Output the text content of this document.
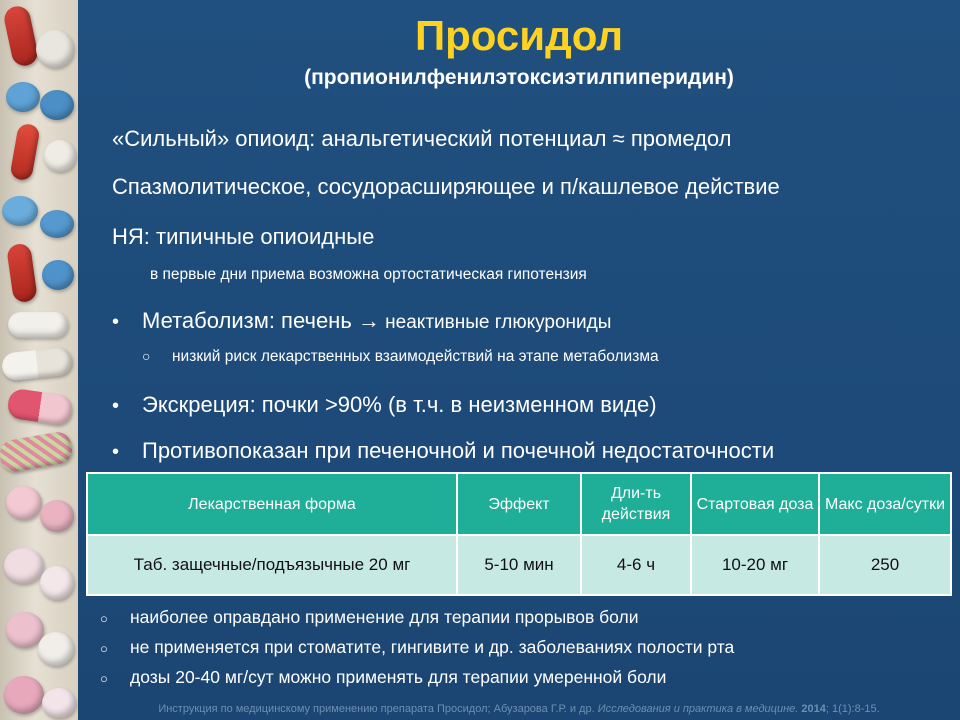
Просидол
(пропионилфенилэтоксиэтилпиперидин)
«Сильный» опиоид: анальгетический потенциал ≈ промедол
Спазмолитическое, сосудорасширяющее и п/кашлевое действие
НЯ: типичные опиоидные
в первые дни приема возможна ортостатическая гипотензия
•	Метаболизм: печень → неактивные глюкурониды
○	низкий риск лекарственных взаимодействий на этапе метаболизма
•	Экскреция: почки >90% (в т.ч. в неизменном виде)
•	Противопоказан при печеночной и почечной недостаточности
Лекарственная форма	Эффект	Дли-ть действия	Стартовая доза	Макс доза/сутки
Таб. защечные/подъязычные 20 мг	5-10 мин	4-6 ч	10-20 мг	250
○	наиболее оправдано применение для терапии прорывов боли
○	не применяется при стоматите, гингивите и др. заболеваниях полости рта
○	дозы 20-40 мг/сут можно применять для терапии умеренной боли
Инструкция по медицинскому применению препарата Просидол; Абузарова Г.Р. и др. Исследования и практика в медицине. 2014; 1(1):8-15.
